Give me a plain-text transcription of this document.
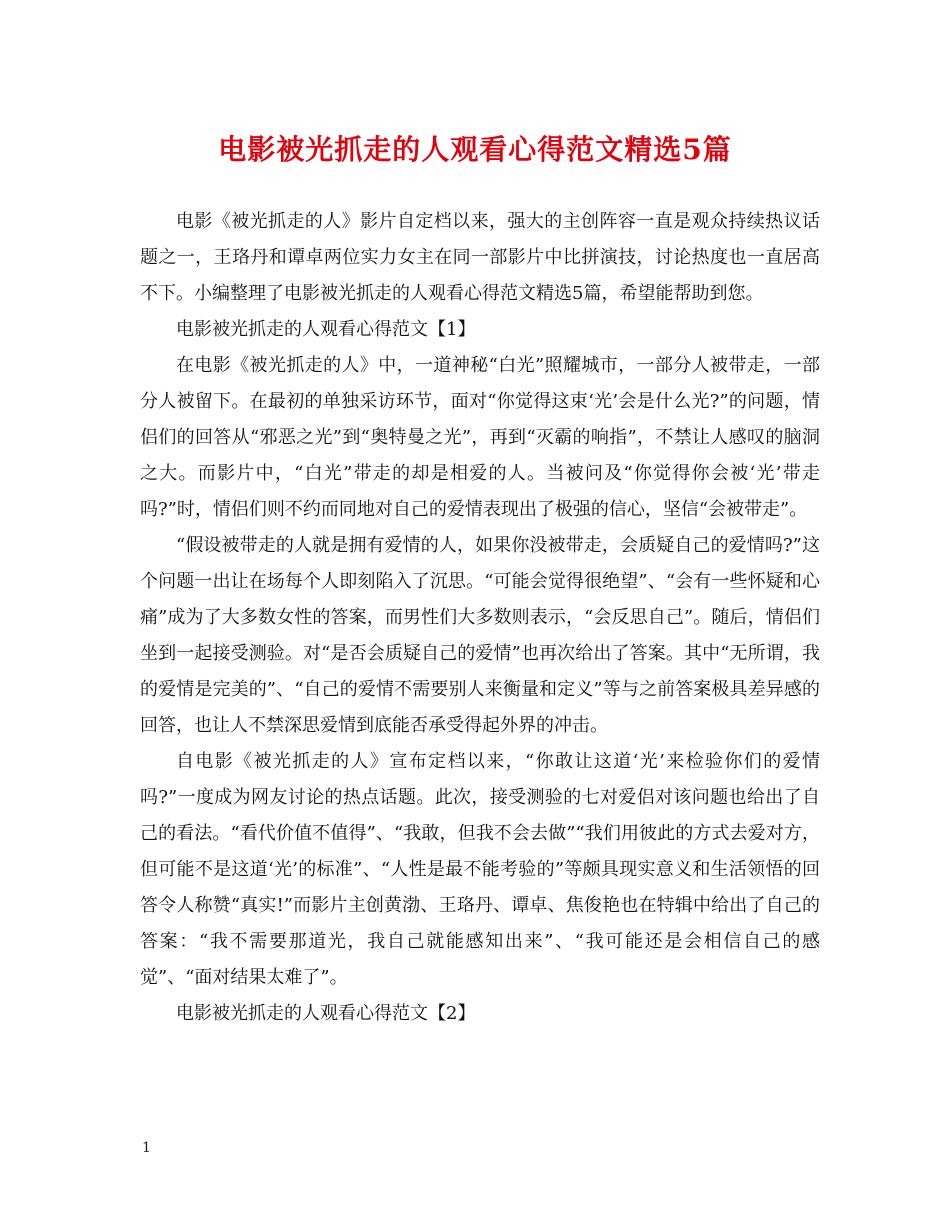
电影被光抓走的人观看心得范文精选5篇

电影《被光抓走的人》影片自定档以来，强大的主创阵容一直是观众持续热议话题之一，王珞丹和谭卓两位实力女主在同一部影片中比拼演技，讨论热度也一直居高不下。小编整理了电影被光抓走的人观看心得范文精选5篇，希望能帮助到您。

电影被光抓走的人观看心得范文【1】

在电影《被光抓走的人》中，一道神秘“白光”照耀城市，一部分人被带走，一部分人被留下。在最初的单独采访环节，面对“你觉得这束‘光’会是什么光?”的问题，情侣们的回答从“邪恶之光”到“奥特曼之光”，再到“灭霸的响指”，不禁让人感叹的脑洞之大。而影片中，“白光”带走的却是相爱的人。当被问及“你觉得你会被‘光’带走吗?”时，情侣们则不约而同地对自己的爱情表现出了极强的信心，坚信“会被带走”。

“假设被带走的人就是拥有爱情的人，如果你没被带走，会质疑自己的爱情吗?”这个问题一出让在场每个人即刻陷入了沉思。“可能会觉得很绝望”、“会有一些怀疑和心痛”成为了大多数女性的答案，而男性们大多数则表示，“会反思自己”。随后，情侣们坐到一起接受测验。对“是否会质疑自己的爱情”也再次给出了答案。其中“无所谓，我的爱情是完美的”、“自己的爱情不需要别人来衡量和定义”等与之前答案极具差异感的回答，也让人不禁深思爱情到底能否承受得起外界的冲击。

自电影《被光抓走的人》宣布定档以来，“你敢让这道‘光’来检验你们的爱情吗?”一度成为网友讨论的热点话题。此次，接受测验的七对爱侣对该问题也给出了自己的看法。“看代价值不值得”、“我敢，但我不会去做”“我们用彼此的方式去爱对方，但可能不是这道‘光’的标准”、“人性是最不能考验的”等颇具现实意义和生活领悟的回答令人称赞“真实!”而影片主创黄渤、王珞丹、谭卓、焦俊艳也在特辑中给出了自己的答案：“我不需要那道光，我自己就能感知出来”、“我可能还是会相信自己的感觉”、“面对结果太难了”。

电影被光抓走的人观看心得范文【2】

1
